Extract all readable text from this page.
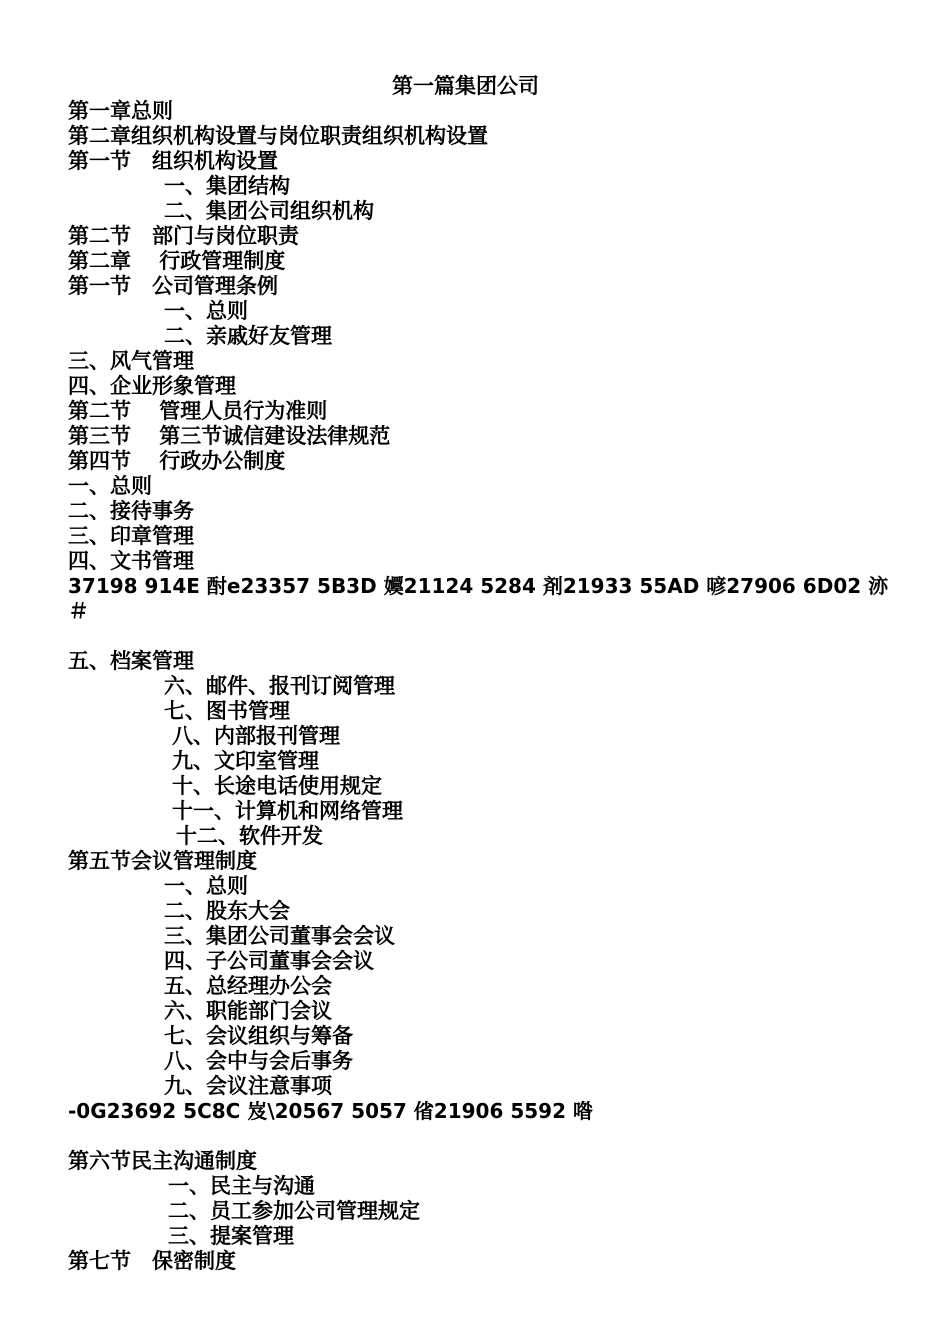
第一篇集团公司
第一章总则
第二章组织机构设置与岗位职责组织机构设置
第一节　组织机构设置
一、集团结构
二、集团公司组织机构
第二节　部门与岗位职责
第二章　 行政管理制度
第一节　公司管理条例
一、总则
二、亲戚好友管理
三、风气管理
四、企业形象管理
第二节　 管理人员行为准则
第三节　 第三节诚信建设法律规范
第四节　 行政办公制度
一、总则
二、接待事务
三、印章管理
四、文书管理
37198 914E 酎e23357 5B3D 嬽21124 5284 剤21933 55AD 喭27906 6D02 洂
＃
五、档案管理
六、邮件、报刊订阅管理
七、图书管理
八、内部报刊管理
九、文印室管理
十、长途电话使用规定
十一、计算机和网络管理
十二、软件开发
第五节会议管理制度
一、总则
二、股东大会
三、集团公司董事会会议
四、子公司董事会会议
五、总经理办公会
六、职能部门会议
七、会议组织与筹备
八、会中与会后事务
九、会议注意事项
-0G23692 5C8C 岌\20567 5057 偗21906 5592 喒
第六节民主沟通制度
一、民主与沟通
二、员工参加公司管理规定
三、提案管理
第七节　保密制度
